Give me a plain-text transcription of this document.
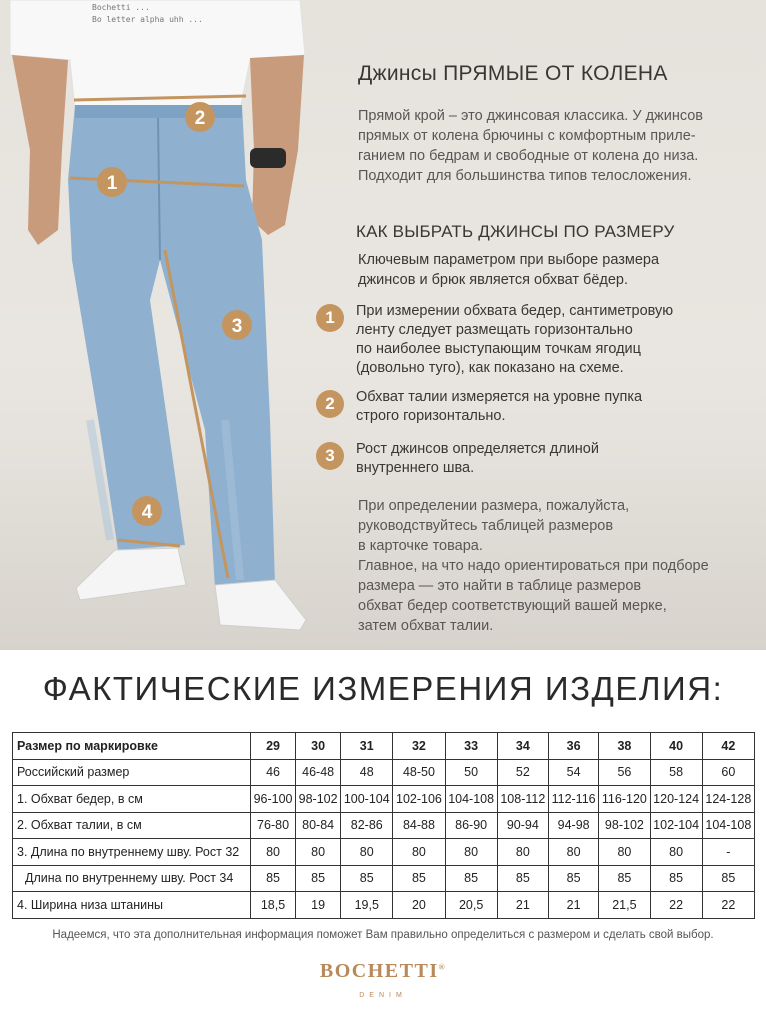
Bochetti ...
Bo letter alpha uhh ...
1
2
3
4
Джинсы ПРЯМЫЕ ОТ КОЛЕНА
Прямой крой – это джинсовая классика. У джинсов
прямых от колена брючины с комфортным приле-
ганием по бедрам и свободные от колена до низа.
Подходит для большинства типов телосложения.
КАК ВЫБРАТЬ ДЖИНСЫ ПО РАЗМЕРУ
Ключевым параметром при выборе размера
джинсов и брюк является обхват бёдер.
1	При измерении обхвата бедер, сантиметровую
ленту следует размещать горизонтально
по наиболее выступающим точкам ягодиц
(довольно туго), как показано на схеме.
2	Обхват талии измеряется на уровне пупка
строго горизонтально.
3	Рост джинсов определяется длиной
внутреннего шва.
При определении размера, пожалуйста,
руководствуйтесь таблицей размеров
в карточке товара.
Главное, на что надо ориентироваться при подборе
размера — это найти в таблице размеров
обхват бедер соответствующий вашей мерке,
затем обхват талии.
ФАКТИЧЕСКИЕ ИЗМЕРЕНИЯ ИЗДЕЛИЯ:
Размер по маркировке	29	30	31	32	33	34	36	38	40	42
Российский размер	46	46-48	48	48-50	50	52	54	56	58	60
1. Обхват бедер, в см	96-100	98-102	100-104	102-106	104-108	108-112	112-116	116-120	120-124	124-128
2. Обхват талии, в см	76-80	80-84	82-86	84-88	86-90	90-94	94-98	98-102	102-104	104-108
3. Длина по внутреннему шву. Рост 32	80	80	80	80	80	80	80	80	80	-
Длина по внутреннему шву. Рост 34	85	85	85	85	85	85	85	85	85	85
4. Ширина низа штанины	18,5	19	19,5	20	20,5	21	21	21,5	22	22
Надеемся, что эта дополнительная информация поможет Вам правильно определиться с размером и сделать свой выбор.
BOCHETTI®
DENIM
